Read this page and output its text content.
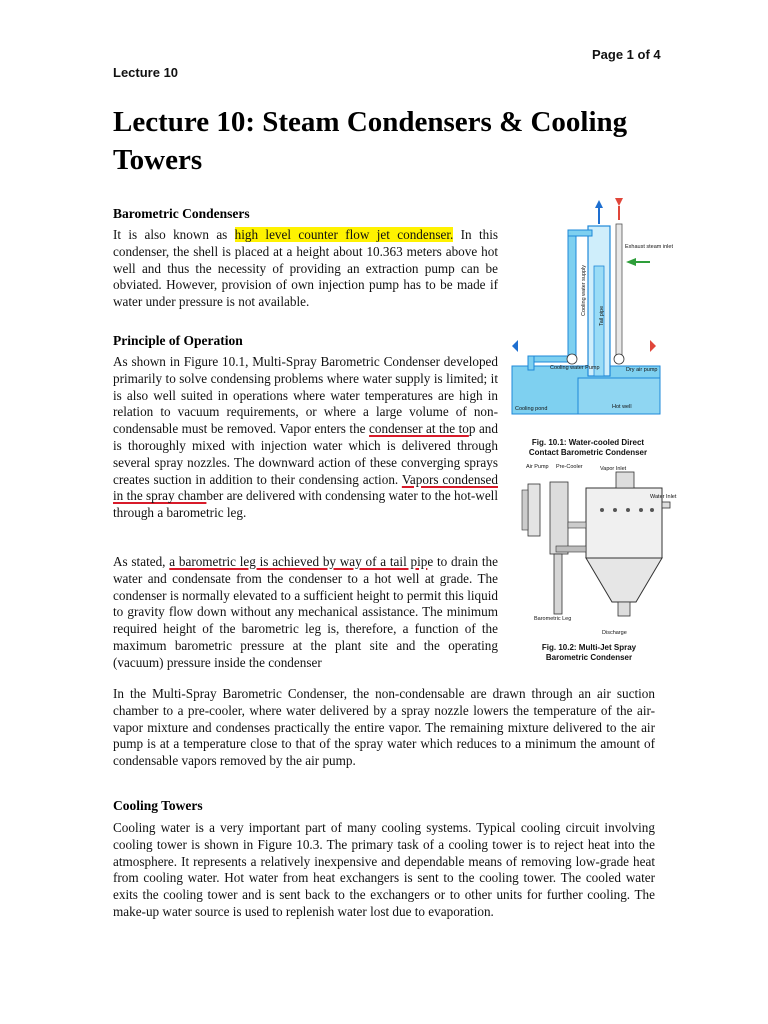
Page 1 of 4
Lecture 10
Lecture 10: Steam Condensers & Cooling Towers
Barometric Condensers

It is also known as high level counter flow jet condenser. In this condenser, the shell is placed at a height about 10.363 meters above hot well and thus the necessity of providing an extraction pump can be obviated. However, provision of own injection pump has to be made if water under pressure is not available.

Principle of Operation

As shown in Figure 10.1, Multi-Spray Barometric Condenser developed primarily to solve condensing problems where water supply is limited; it is also well suited in operations where water temperatures are high in relation to vacuum requirements, or where a large volume of non-condensable must be removed. Vapor enters the condenser at the top and is thoroughly mixed with injection water which is delivered through several spray nozzles. The downward action of these converging sprays creates suction in addition to their condensing action. Vapors condensed in the spray chamber are delivered with condensing water to the hot-well through a barometric leg.

As stated, a barometric leg is achieved by way of a tail pipe to drain the water and condensate from the condenser to a hot well at grade. The condenser is normally elevated to a sufficient height to permit this liquid to gravity flow down without any mechanical assistance. The minimum required height of the barometric leg is, therefore, a function of the maximum barometric pressure at the plant site and the operating (vacuum) pressure inside the condenser

In the Multi-Spray Barometric Condenser, the non-condensable are drawn through an air suction chamber to a pre-cooler, where water delivered by a spray nozzle lowers the temperature of the air-vapor mixture and condenses practically the entire vapor. The remaining mixture delivered to the air pump is at a temperature close to that of the spray water which reduces to a minimum the amount of condensable vapors removed by the air pump.

Cooling Towers

Cooling water is a very important part of many cooling systems. Typical cooling circuit involving cooling tower is shown in Figure 10.3. The primary task of a cooling tower is to reject heat into the atmosphere. It represents a relatively inexpensive and dependable means of removing low-grade heat from cooling water. Hot water from heat exchangers is sent to the cooling tower. The cooled water exits the cooling tower and is sent back to the exchangers or to other units for further cooling. The make-up water source is used to replenish water lost due to evaporation.

Exhaust steam inlet
Cooling water supply Tail pipe
Cooling water Pump	Dry air pump
Hot well
Cooling pond
Fig. 10.1: Water-cooled Direct Contact Barometric Condenser
Air Pump Pre-Cooler	Vapor Inlet
Water Inlet
Barometric Leg
Discharge
Fig. 10.2: Multi-Jet Spray Barometric Condenser
